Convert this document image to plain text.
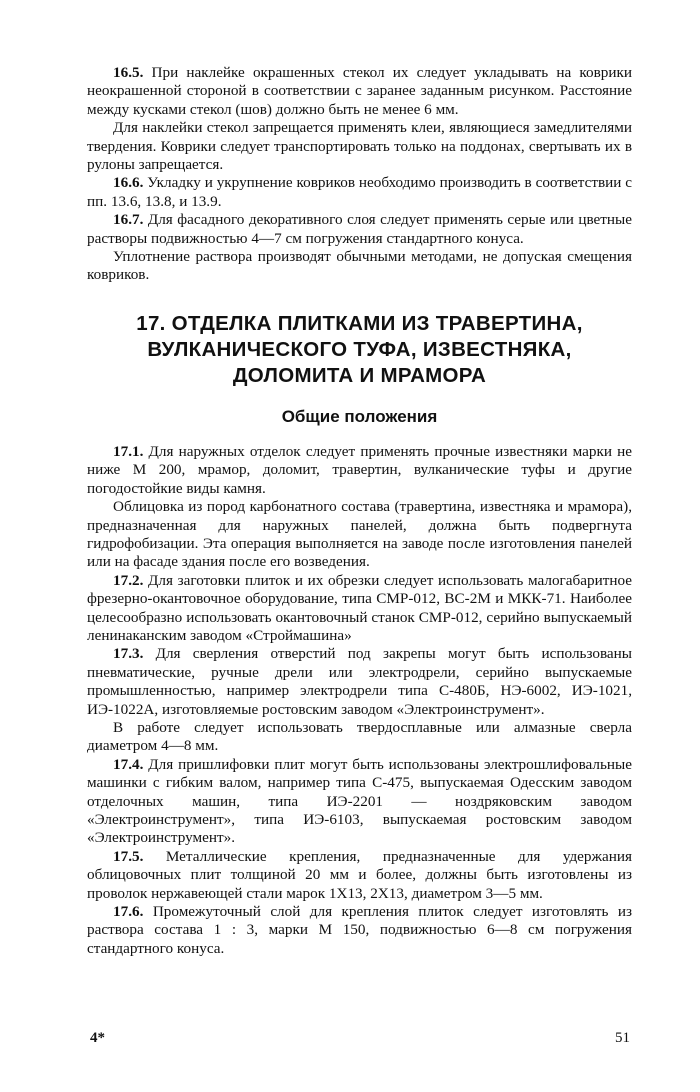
16.5. При наклейке окрашенных стекол их следует укладывать на коврики неокрашенной стороной в соответствии с заранее заданным рисунком. Расстояние между кусками стекол (шов) должно быть не менее 6 мм.

Для наклейки стекол запрещается применять клеи, являющиеся замедлителями твердения. Коврики следует транспортировать только на поддонах, свертывать их в рулоны запрещается.

16.6. Укладку и укрупнение ковриков необходимо производить в соответствии с пп. 13.6, 13.8, и 13.9.

16.7. Для фасадного декоративного слоя следует применять серые или цветные растворы подвижностью 4—7 см погружения стандартного конуса.

Уплотнение раствора производят обычными методами, не допуская смещения ковриков.

17. ОТДЕЛКА ПЛИТКАМИ ИЗ ТРАВЕРТИНА,
ВУЛКАНИЧЕСКОГО ТУФА, ИЗВЕСТНЯКА,
ДОЛОМИТА И МРАМОРА
Общие положения

17.1. Для наружных отделок следует применять прочные известняки марки не ниже М 200, мрамор, доломит, травертин, вулканические туфы и другие погодостойкие виды камня.

Облицовка из пород карбонатного состава (травертина, известняка и мрамора), предназначенная для наружных панелей, должна быть подвергнута гидрофобизации. Эта операция выполняется на заводе после изготовления панелей или на фасаде здания после его возведения.

17.2. Для заготовки плиток и их обрезки следует использовать малогабаритное фрезерно-окантовочное оборудование, типа СМР-012, ВС-2М и МКК-71. Наиболее целесообразно использовать окантовочный станок СМР-012, серийно выпускаемый ленинаканским заводом «Строймашина»

17.3. Для сверления отверстий под закрепы могут быть использованы пневматические, ручные дрели или электродрели, серийно выпускаемые промышленностью, например электродрели типа С-480Б, НЭ-6002, ИЭ-1021, ИЭ-1022А, изготовляемые ростовским заводом «Электроинструмент».

В работе следует использовать твердосплавные или алмазные сверла диаметром 4—8 мм.

17.4. Для пришлифовки плит могут быть использованы электрошлифовальные машинки с гибким валом, например типа С-475, выпускаемая Одесским заводом отделочных машин, типа ИЭ-2201 — ноздряковским заводом «Электроинструмент», типа ИЭ-6103, выпускаемая ростовским заводом «Электроинструмент».

17.5. Металлические крепления, предназначенные для удержания облицовочных плит толщиной 20 мм и более, должны быть изготовлены из проволок нержавеющей стали марок 1Х13, 2Х13, диаметром 3—5 мм.

17.6. Промежуточный слой для крепления плиток следует изготовлять из раствора состава 1 : 3, марки М 150, подвижностью 6—8 см погружения стандартного конуса.

4*	51
